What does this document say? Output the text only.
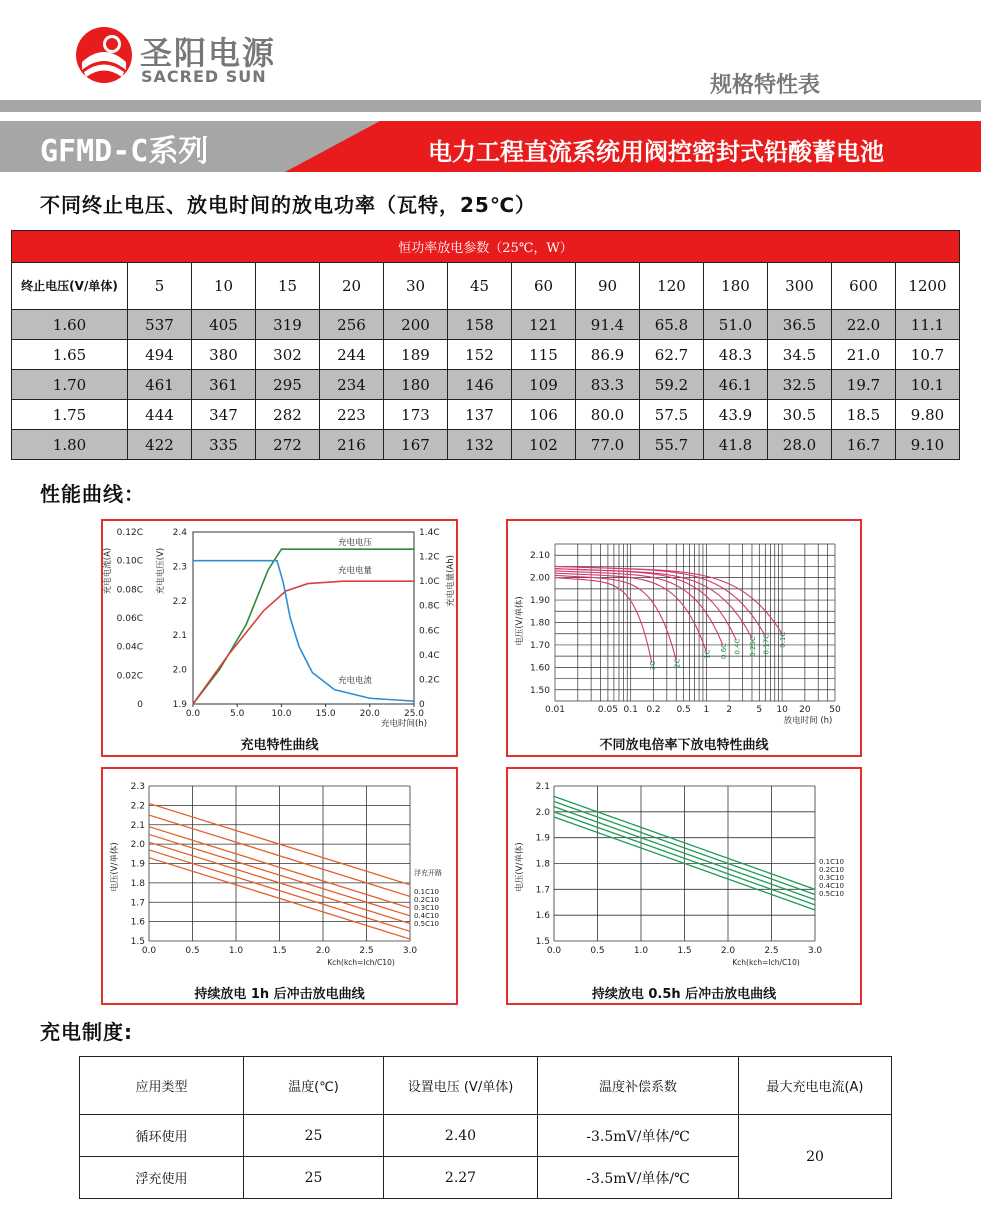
圣阳电源
SACRED SUN	规格特性表
GFMD-C系列	电力工程直流系统用阀控密封式铅酸蓄电池
不同终止电压、放电时间的放电功率（瓦特，25℃）
恒功率放电参数（25℃，W）													
终止电压(V/单体)	5	10	15	20	30	45	60	90	120	180	300	600	1200
1.60	537	405	319	256	200	158	121	91.4	65.8	51.0	36.5	22.0	11.1
1.65	494	380	302	244	189	152	115	86.9	62.7	48.3	34.5	21.0	10.7
1.70	461	361	295	234	180	146	109	83.3	59.2	46.1	32.5	19.7	10.1
1.75	444	347	282	223	173	137	106	80.0	57.5	43.9	30.5	18.5	9.80
1.80	422	335	272	216	167	132	102	77.0	55.7	41.8	28.0	16.7	9.10
性能曲线：
0.0	5.0	10.0	15.0	20.0	25.0
充电时间(h)
2.4
2.3
2.2
2.1
2.0
1.9
0.12C
0.10C
0.08C
0.06C
0.04C
0.02C
0
1.4C
1.2C
1.0C
0.8C
0.6C
0.4C
0.2C
0
充电电流(A)	充电电压(V)	充电电量(Ah)
充电电压
充电电量
充电电流
充电特性曲线
2.10
2.00
1.90
1.80
1.70
1.60
1.50
0.01	0.05 0.1 0.2 0.5 1 2	5 10 20 50
放电时间 (h)
电压(V/单体)
3C 2C
1C 0.6C 0.4C 0.25C 0.17C 0.1C
不同放电倍率下放电特性曲线
2.3
2.2
2.1
2.0
1.9
1.8
1.7
1.6
1.5
0.0	0.5	1.0	1.5	2.0	2.5	3.0
Kch(kch=Ich/C10)
电压(V/单体)
0.1C10
0.2C10
0.3C10
0.4C10
0.5C10
浮充开路
持续放电 1h 后冲击放电曲线
2.1
2.0
1.9
1.8
1.7
1.6
1.5
0.0	0.5	1.0	1.5	2.0	2.5	3.0
Kch(kch=Ich/C10)
电压(V/单体)	0.1C10
0.2C10
0.3C10
0.4C10
0.5C10
持续放电 0.5h 后冲击放电曲线
充电制度:
应用类型	温度(℃)	设置电压 (V/单体)	温度补偿系数	最大充电电流(A)
循环使用	25	2.40	-3.5mV/单体/℃	20
浮充使用	25	2.27	-3.5mV/单体/℃	
